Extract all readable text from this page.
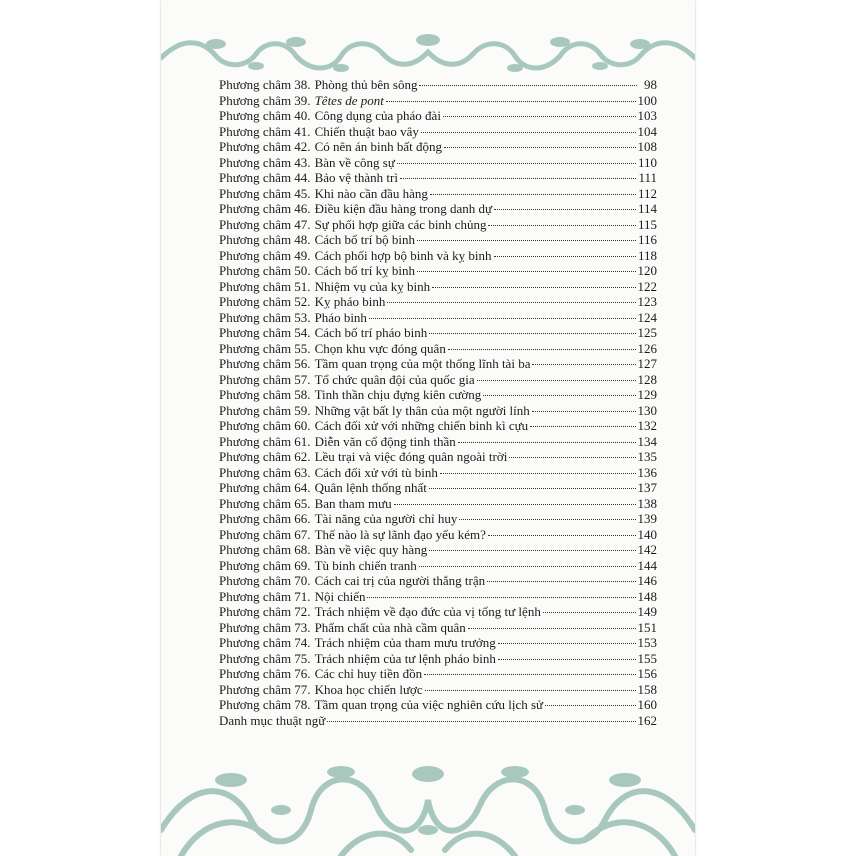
Phương châm 38. Phòng thủ bên sông	98
Phương châm 39. Têtes de pont	100
Phương châm 40. Công dụng của pháo đài	103
Phương châm 41. Chiến thuật bao vây	104
Phương châm 42. Có nên án binh bất động	108
Phương châm 43. Bàn về công sự	110
Phương châm 44. Bảo vệ thành trì	111
Phương châm 45. Khi nào cần đầu hàng	112
Phương châm 46. Điều kiện đầu hàng trong danh dự	114
Phương châm 47. Sự phối hợp giữa các binh chủng	115
Phương châm 48. Cách bố trí bộ binh	116
Phương châm 49. Cách phối hợp bộ binh và kỵ binh	118
Phương châm 50. Cách bố trí kỵ binh	120
Phương châm 51. Nhiệm vụ của kỵ binh	122
Phương châm 52. Kỵ pháo binh	123
Phương châm 53. Pháo binh	124
Phương châm 54. Cách bố trí pháo binh	125
Phương châm 55. Chọn khu vực đóng quân	126
Phương châm 56. Tầm quan trọng của một thống lĩnh tài ba	127
Phương châm 57. Tổ chức quân đội của quốc gia	128
Phương châm 58. Tinh thần chịu đựng kiên cường	129
Phương châm 59. Những vật bất ly thân của một người lính	130
Phương châm 60. Cách đối xử với những chiến binh kì cựu	132
Phương châm 61. Diễn văn cổ động tinh thần	134
Phương châm 62. Lều trại và việc đóng quân ngoài trời	135
Phương châm 63. Cách đối xử với tù binh	136
Phương châm 64. Quân lệnh thống nhất	137
Phương châm 65. Ban tham mưu	138
Phương châm 66. Tài năng của người chỉ huy	139
Phương châm 67. Thế nào là sự lãnh đạo yếu kém?	140
Phương châm 68. Bàn về việc quy hàng	142
Phương châm 69. Tù binh chiến tranh	144
Phương châm 70. Cách cai trị của người thắng trận	146
Phương châm 71. Nội chiến	148
Phương châm 72. Trách nhiệm về đạo đức của vị tổng tư lệnh	149
Phương châm 73. Phẩm chất của nhà cầm quân	151
Phương châm 74. Trách nhiệm của tham mưu trưởng	153
Phương châm 75. Trách nhiệm của tư lệnh pháo binh	155
Phương châm 76. Các chỉ huy tiền đồn	156
Phương châm 77. Khoa học chiến lược	158
Phương châm 78. Tầm quan trọng của việc nghiên cứu lịch sử	160
Danh mục thuật ngữ	162
